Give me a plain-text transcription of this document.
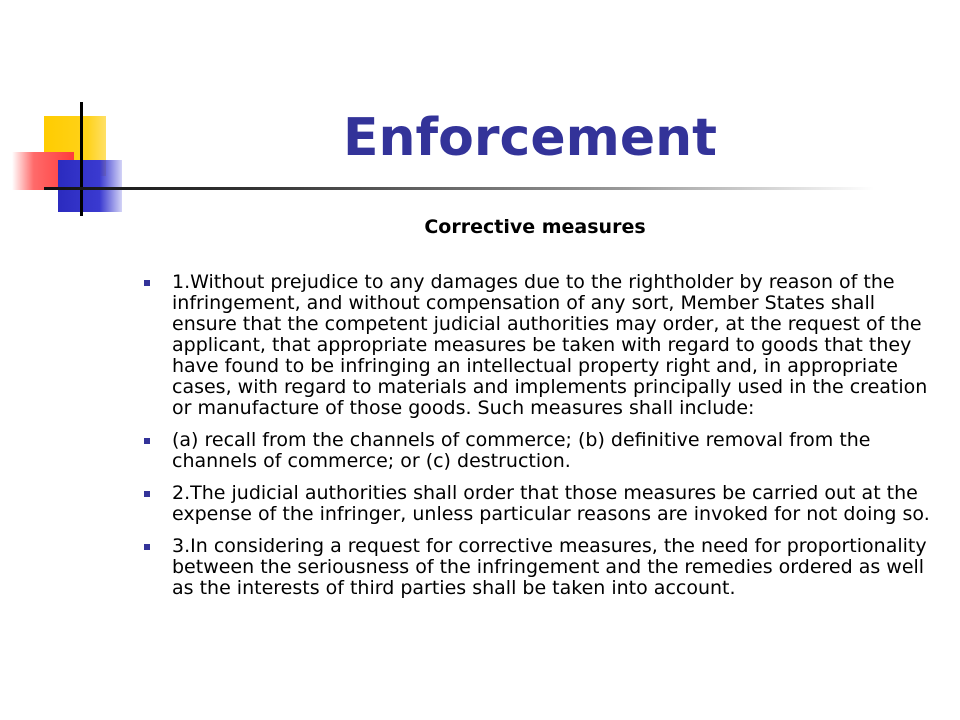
Enforcement
Corrective measures
1.Without prejudice to any damages due to the rightholder by reason of the infringement, and without compensation of any sort, Member States shall ensure that the competent judicial authorities may order, at the request of the applicant, that appropriate measures be taken with regard to goods that they have found to be infringing an intellectual property right and, in appropriate cases, with regard to materials and implements principally used in the creation or manufacture of those goods. Such measures shall include:
(a) recall from the channels of commerce; (b) definitive removal from the channels of commerce; or (c) destruction.
2.The judicial authorities shall order that those measures be carried out at the expense of the infringer, unless particular reasons are invoked for not doing so.
3.In considering a request for corrective measures, the need for proportionality between the seriousness of the infringement and the remedies ordered as well as the interests of third parties shall be taken into account.
